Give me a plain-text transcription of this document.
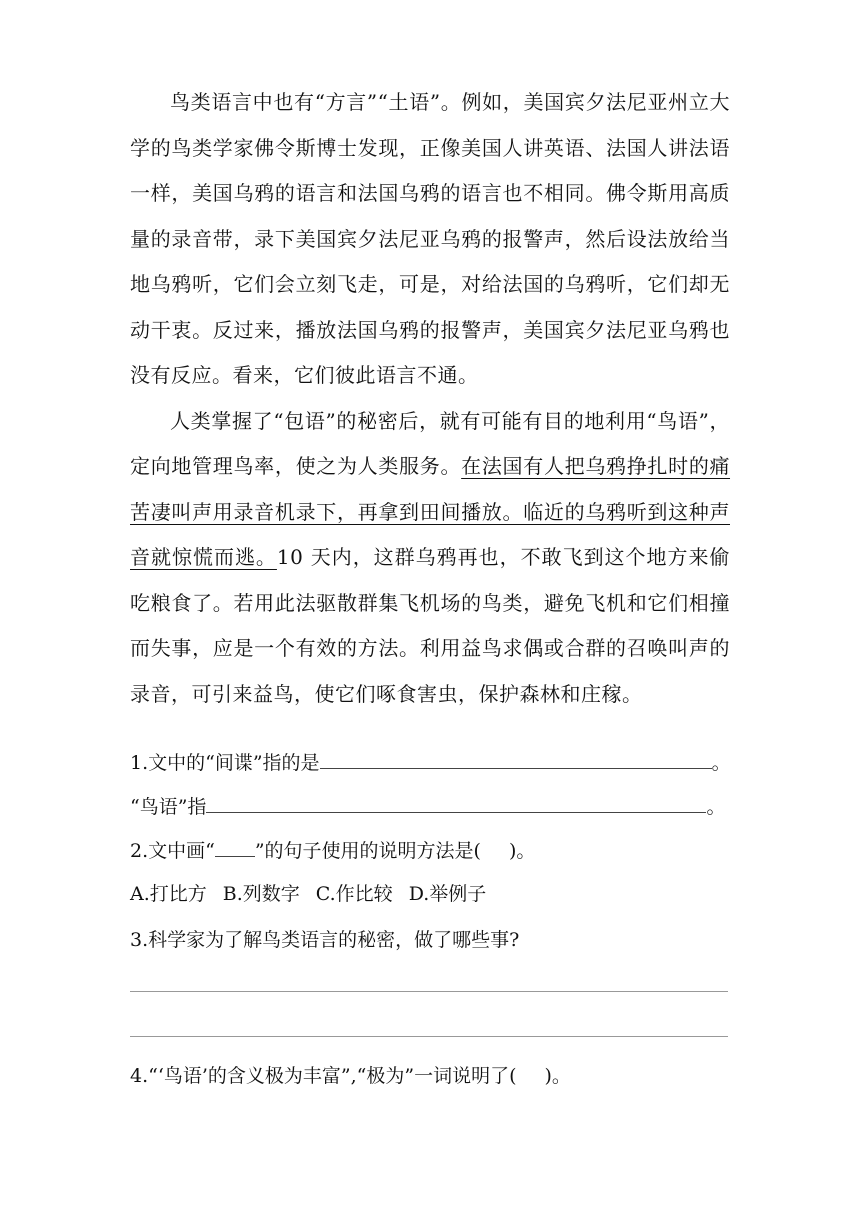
鸟类语言中也有“方言”“土语”。例如，美国宾夕法尼亚州立大学的鸟类学家佛令斯博士发现，正像美国人讲英语、法国人讲法语一样，美国乌鸦的语言和法国乌鸦的语言也不相同。佛令斯用高质量的录音带，录下美国宾夕法尼亚乌鸦的报警声，然后设法放给当地乌鸦听，它们会立刻飞走，可是，对给法国的乌鸦听，它们却无动干衷。反过来，播放法国乌鸦的报警声，美国宾夕法尼亚乌鸦也没有反应。看来，它们彼此语言不通。

人类掌握了“包语”的秘密后，就有可能有目的地利用“鸟语”，定向地管理鸟率，使之为人类服务。在法国有人把乌鸦挣扎时的痛苦凄叫声用录音机录下，再拿到田间播放。临近的乌鸦听到这种声音就惊慌而逃。10 天内，这群乌鸦再也，不敢飞到这个地方来偷吃粮食了。若用此法驱散群集飞机场的鸟类，避免飞机和它们相撞而失事，应是一个有效的方法。利用益鸟求偶或合群的召唤叫声的录音，可引来益鸟，使它们啄食害虫，保护森林和庄稼。

1.文中的“间谍”指的是	。
“鸟语”指	。
2.文中画“ ”的句子使用的说明方法是( )。
A.打比方 B.列数字 C.作比较 D.举例子
3.科学家为了解鸟类语言的秘密，做了哪些事?
4.“‘鸟语’的含义极为丰富”,“极为”一词说明了( )。
